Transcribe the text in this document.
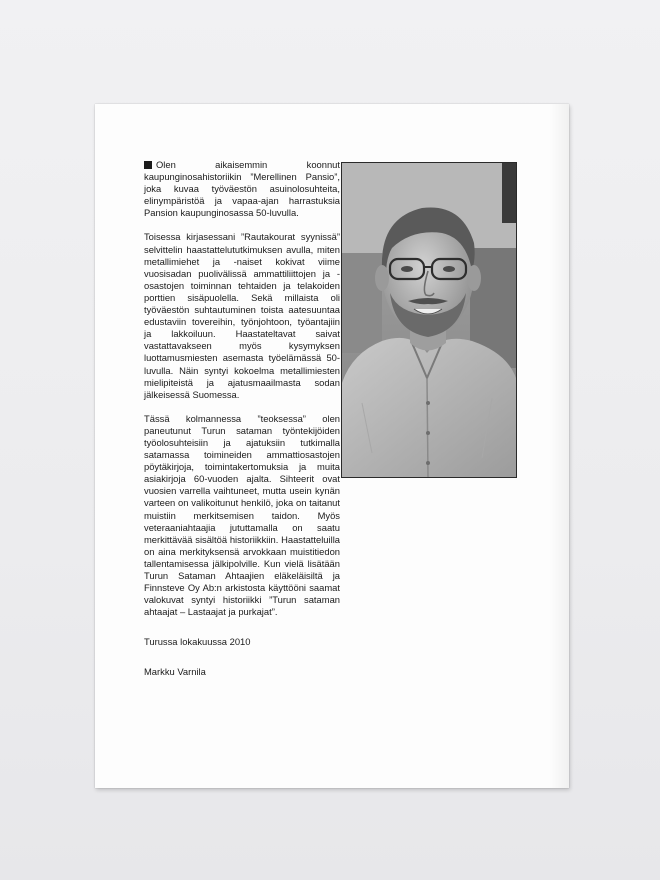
Olen aikaisemmin koonnut kaupunginosahistoriikin ”Merellinen Pansio”, joka kuvaa työväestön asuinolosuhteita, elinympäristöä ja vapaa-ajan harrastuksia Pansion kaupunginosassa 50-luvulla.

Toisessa kirjasessani ”Rautakourat syynissä” selvittelin haastattelututkimuksen avulla, miten metallimiehet ja -naiset kokivat viime vuosisadan puolivälissä ammattiliittojen ja -osastojen toiminnan tehtaiden ja telakoiden porttien sisäpuolella. Sekä millaista oli työväestön suhtautuminen toista aatesuuntaa edustaviin tovereihin, työnjohtoon, työantajiin ja lakkoiluun. Haastateltavat saivat vastattavakseen myös kysymyksen luottamusmiesten asemasta työelämässä 50-luvulla. Näin syntyi kokoelma metallimiesten mielipiteistä ja ajatusmaailmasta sodan jälkeisessä Suomessa.

Tässä kolmannessa ”teoksessa” olen paneutunut Turun sataman työntekijöiden työolosuhteisiin ja ajatuksiin tutkimalla satamassa toimineiden ammattiosastojen pöytäkirjoja, toimintakertomuksia ja muita asiakirjoja 60-vuoden ajalta. Sihteerit ovat vuosien varrella vaihtuneet, mutta usein kynän varteen on valikoitunut henkilö, joka on taitanut muistiin merkitsemisen taidon. Myös veteraaniahtaajia jututtamalla on saatu merkittävää sisältöä historiikkiin. Haastatteluilla on aina merkityksensä arvokkaan muistitiedon tallentamisessa jälkipolville. Kun vielä lisätään Turun Sataman Ahtaajien eläkeläisiltä ja Finnsteve Oy Ab:n arkistosta käyttööni saamat valokuvat syntyi historiikki ”Turun sataman ahtaajat – Lastaajat ja purkajat”.

Turussa lokakuussa 2010
Markku Varnila
